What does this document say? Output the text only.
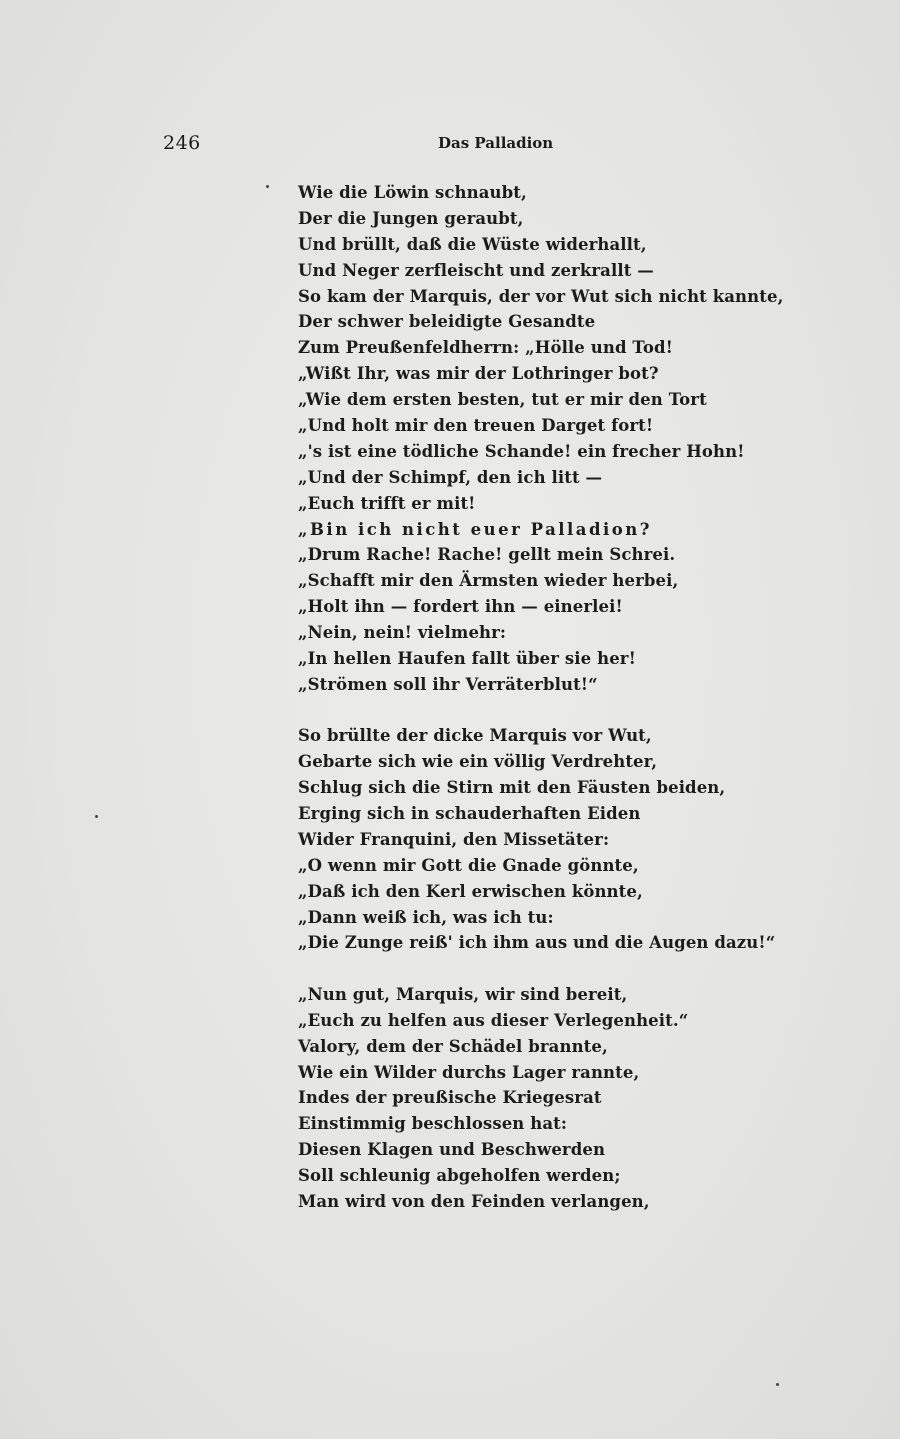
246	Das Palladion
Wie die Löwin schnaubt,
Der die Jungen geraubt,
Und brüllt, daß die Wüste widerhallt,
Und Neger zerfleischt und zerkrallt —
So kam der Marquis, der vor Wut sich nicht kannte,
Der schwer beleidigte Gesandte
Zum Preußenfeldherrn: „Hölle und Tod!
„Wißt Ihr, was mir der Lothringer bot?
„Wie dem ersten besten, tut er mir den Tort
„Und holt mir den treuen Darget fort!
„'s ist eine tödliche Schande! ein frecher Hohn!
„Und der Schimpf, den ich litt —
„Euch trifft er mit!
„Bin ich nicht euer Palladion?
„Drum Rache! Rache! gellt mein Schrei.
„Schafft mir den Ärmsten wieder herbei,
„Holt ihn — fordert ihn — einerlei!
„Nein, nein! vielmehr:
„In hellen Haufen fallt über sie her!
„Strömen soll ihr Verräterblut!“
So brüllte der dicke Marquis vor Wut,
Gebarte sich wie ein völlig Verdrehter,
Schlug sich die Stirn mit den Fäusten beiden,
Erging sich in schauderhaften Eiden
Wider Franquini, den Missetäter:
„O wenn mir Gott die Gnade gönnte,
„Daß ich den Kerl erwischen könnte,
„Dann weiß ich, was ich tu:
„Die Zunge reiß' ich ihm aus und die Augen dazu!“
„Nun gut, Marquis, wir sind bereit,
„Euch zu helfen aus dieser Verlegenheit.“
Valory, dem der Schädel brannte,
Wie ein Wilder durchs Lager rannte,
Indes der preußische Kriegesrat
Einstimmig beschlossen hat:
Diesen Klagen und Beschwerden
Soll schleunig abgeholfen werden;
Man wird von den Feinden verlangen,
